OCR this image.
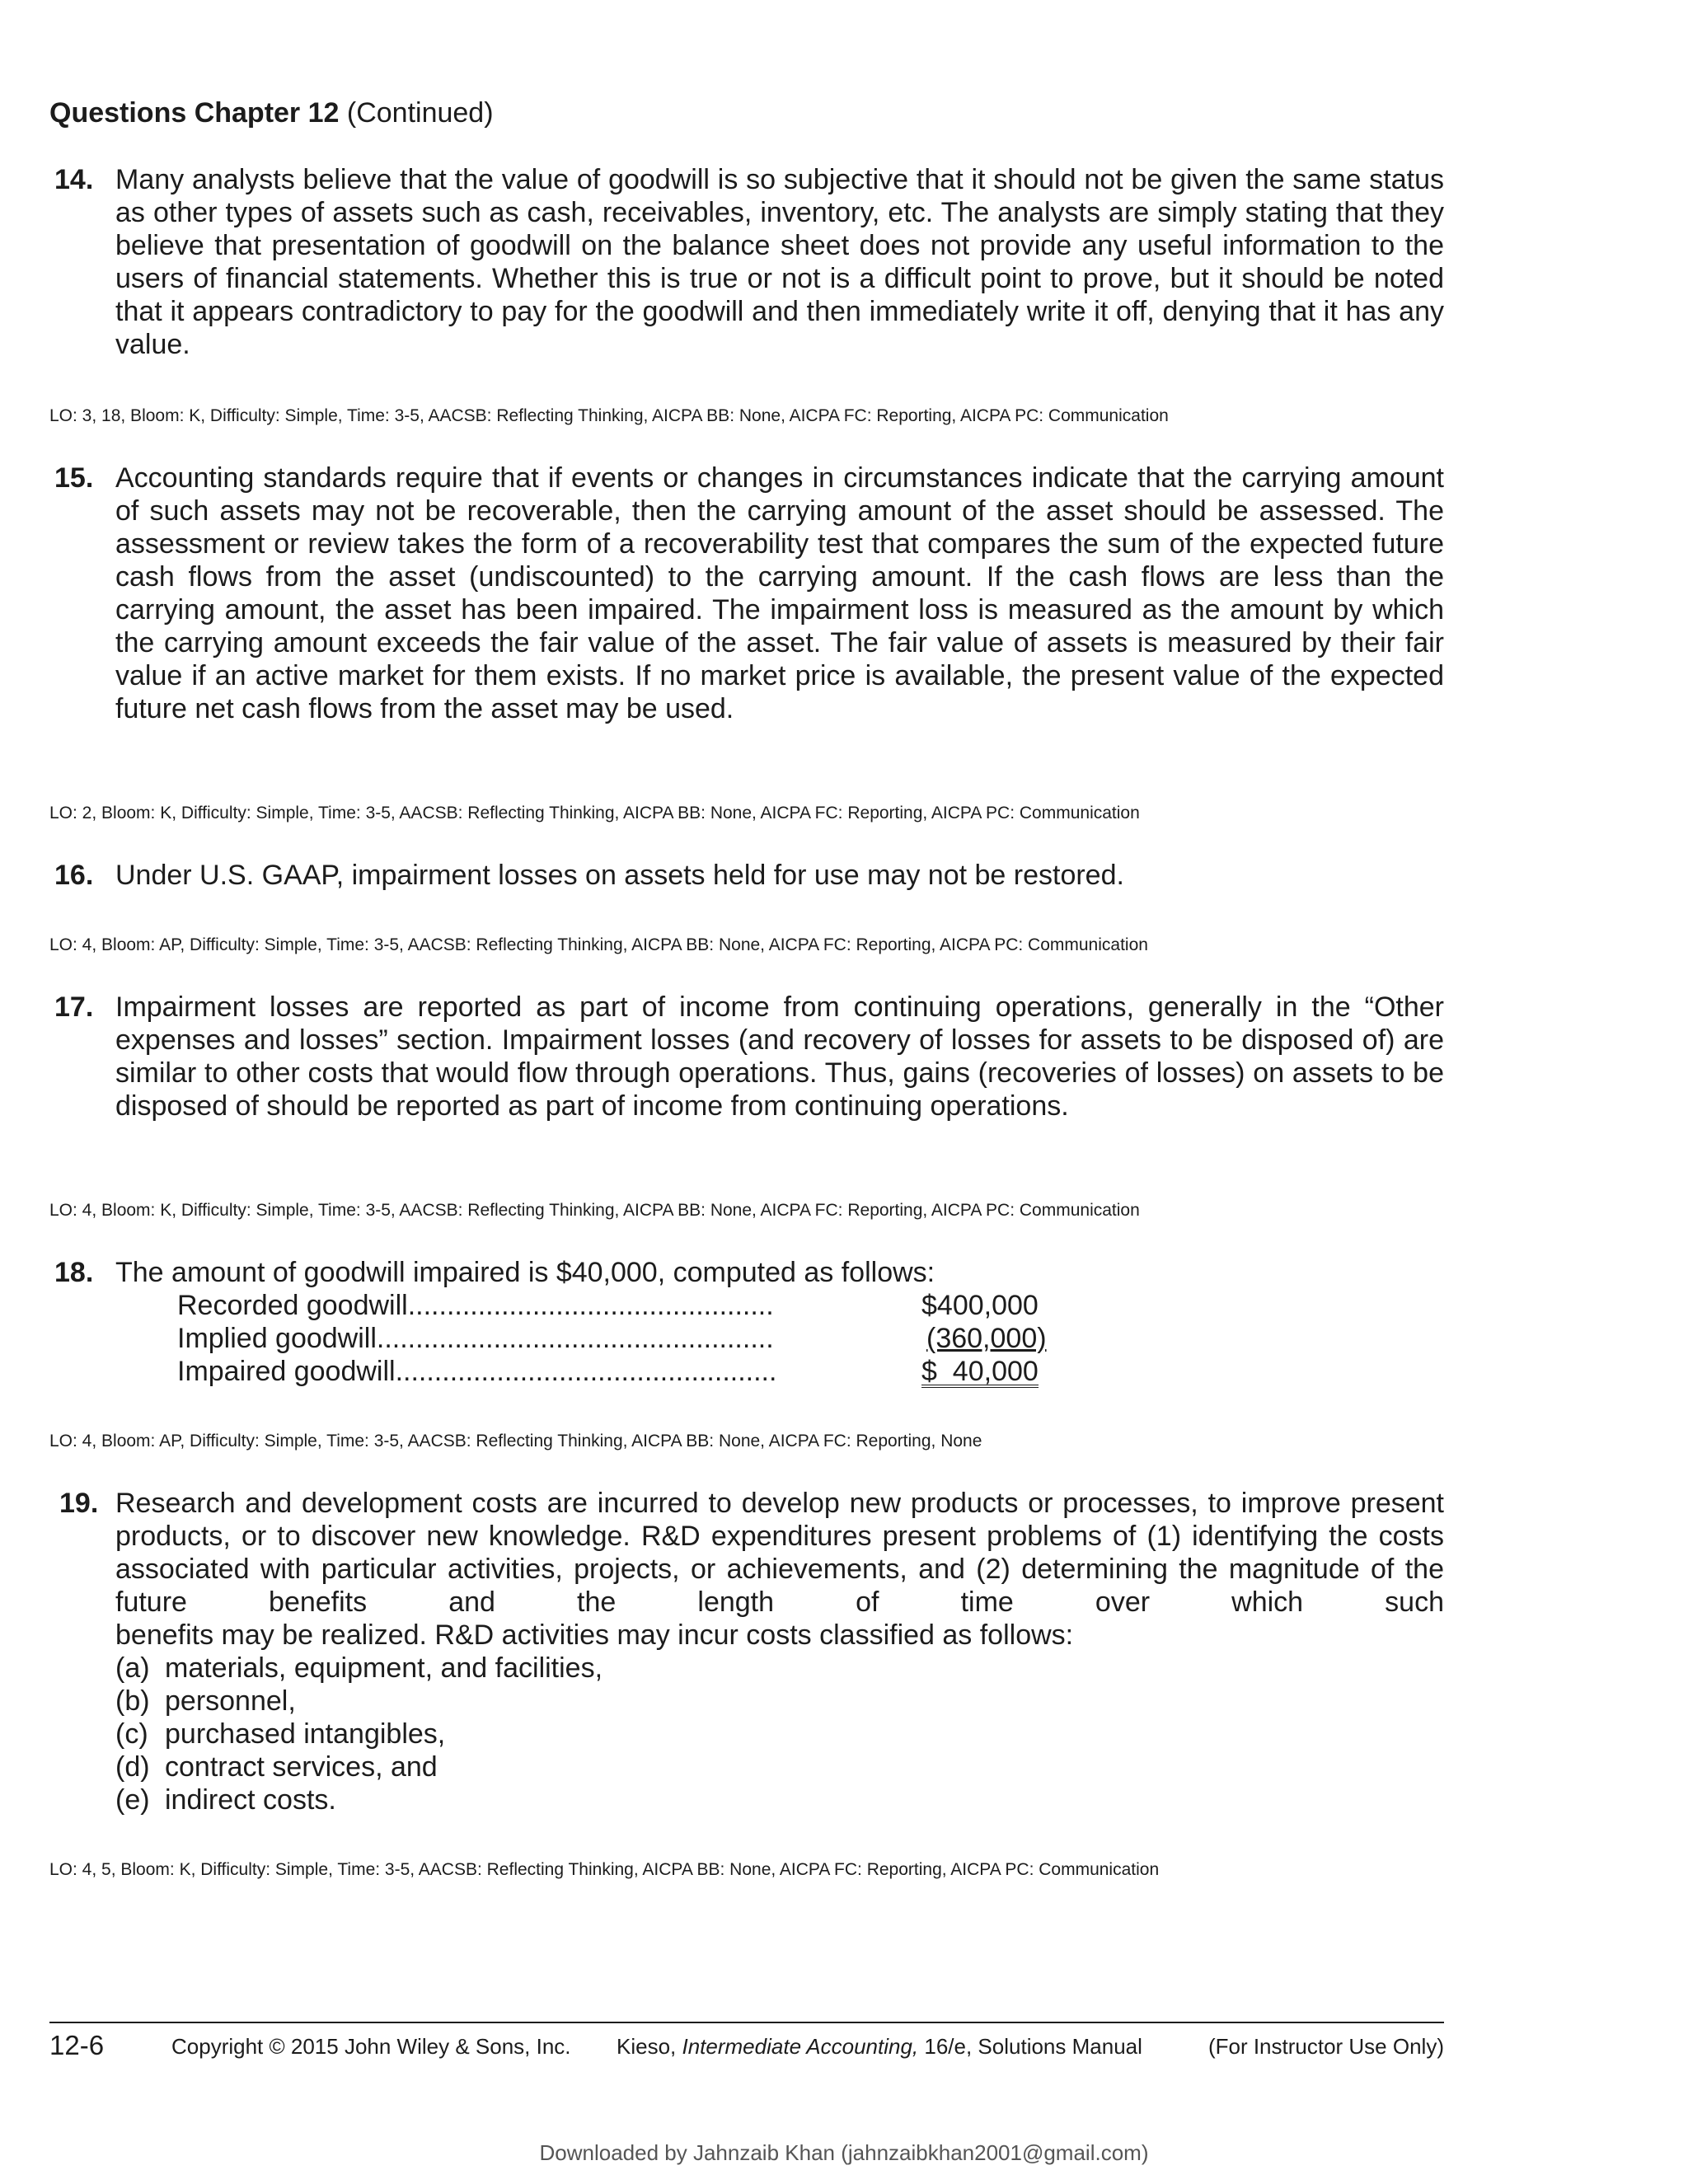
Questions Chapter 12 (Continued)
14. Many analysts believe that the value of goodwill is so subjective that it should not be given the same status as other types of assets such as cash, receivables, inventory, etc. The analysts are simply stating that they believe that presentation of goodwill on the balance sheet does not provide any useful information to the users of financial statements. Whether this is true or not is a difficult point to prove, but it should be noted that it appears contradictory to pay for the goodwill and then immediately write it off, denying that it has any value.
LO: 3, 18, Bloom: K, Difficulty: Simple, Time: 3-5, AACSB: Reflecting Thinking, AICPA BB: None, AICPA FC: Reporting, AICPA PC: Communication
15. Accounting standards require that if events or changes in circumstances indicate that the carrying amount of such assets may not be recoverable, then the carrying amount of the asset should be assessed. The assessment or review takes the form of a recoverability test that compares the sum of the expected future cash flows from the asset (undiscounted) to the carrying amount. If the cash flows are less than the carrying amount, the asset has been impaired. The impairment loss is measured as the amount by which the carrying amount exceeds the fair value of the asset. The fair value of assets is measured by their fair value if an active market for them exists. If no market price is available, the present value of the expected future net cash flows from the asset may be used.
LO: 2, Bloom: K, Difficulty: Simple, Time: 3-5, AACSB: Reflecting Thinking, AICPA BB: None, AICPA FC: Reporting, AICPA PC: Communication
16. Under U.S. GAAP, impairment losses on assets held for use may not be restored.
LO: 4, Bloom: AP, Difficulty: Simple, Time: 3-5, AACSB: Reflecting Thinking, AICPA BB: None, AICPA FC: Reporting, AICPA PC: Communication
17. Impairment losses are reported as part of income from continuing operations, generally in the “Other expenses and losses” section. Impairment losses (and recovery of losses for assets to be disposed of) are similar to other costs that would flow through operations. Thus, gains (recoveries of losses) on assets to be disposed of should be reported as part of income from continuing operations.
LO: 4, Bloom: K, Difficulty: Simple, Time: 3-5, AACSB: Reflecting Thinking, AICPA BB: None, AICPA FC: Reporting, AICPA PC: Communication
18. The amount of goodwill impaired is $40,000, computed as follows:
Recorded goodwill...............................................	$400,000
Implied goodwill...................................................	(360,000)
Impaired goodwill.................................................	$  40,000
LO: 4, Bloom: AP, Difficulty: Simple, Time: 3-5, AACSB: Reflecting Thinking, AICPA BB: None, AICPA FC: Reporting, None
19. Research and development costs are incurred to develop new products or processes, to improve present products, or to discover new knowledge. R&D expenditures present problems of (1) identifying the costs associated with particular activities, projects, or achievements, and (2) determining the magnitude of the future benefits and the length of time over which such
benefits may be realized. R&D activities may incur costs classified as follows:
(a) materials, equipment, and facilities,
(b) personnel,
(c) purchased intangibles,
(d) contract services, and
(e) indirect costs.
LO: 4, 5, Bloom: K, Difficulty: Simple, Time: 3-5, AACSB: Reflecting Thinking, AICPA BB: None, AICPA FC: Reporting, AICPA PC: Communication
12-6	Copyright © 2015 John Wiley & Sons, Inc. Kieso, Intermediate Accounting, 16/e, Solutions Manual	(For Instructor Use Only)
Downloaded by Jahnzaib Khan (jahnzaibkhan2001@gmail.com)
